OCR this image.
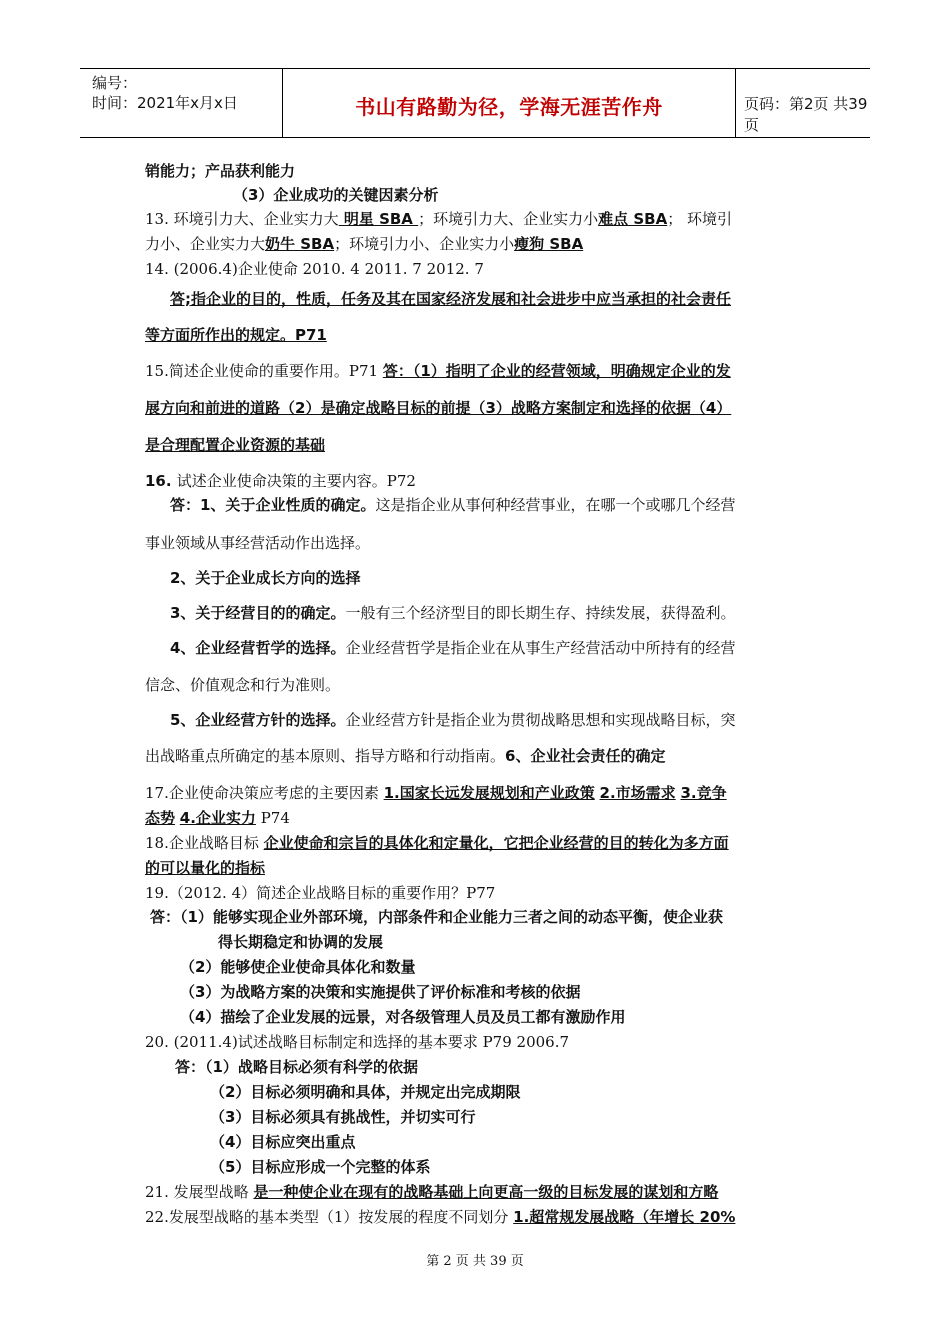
编号：
时间：2021年x月x日	书山有路勤为径，学海无涯苦作舟	页码：第2页 共39页
销能力；产品获利能力
（3）企业成功的关键因素分析
13. 环境引力大、企业实力大 明星 SBA ；环境引力大、企业实力小难点 SBA； 环境引
力小、企业实力大奶牛 SBA；环境引力小、企业实力小瘦狗 SBA
14. (2006.4)企业使命 2010. 4 2011. 7 2012. 7
答;指企业的目的，性质，任务及其在国家经济发展和社会进步中应当承担的社会责任
等方面所作出的规定。P71
15.简述企业使命的重要作用。P71 答：（1）指明了企业的经营领域，明确规定企业的发
展方向和前进的道路（2）是确定战略目标的前提（3）战略方案制定和选择的依据（4）
是合理配置企业资源的基础
16. 试述企业使命决策的主要内容。P72
答：1、关于企业性质的确定。这是指企业从事何种经营事业，在哪一个或哪几个经营
事业领域从事经营活动作出选择。
2、关于企业成长方向的选择
3、关于经营目的的确定。一般有三个经济型目的即长期生存、持续发展，获得盈利。
4、企业经营哲学的选择。企业经营哲学是指企业在从事生产经营活动中所持有的经营
信念、价值观念和行为准则。
5、企业经营方针的选择。企业经营方针是指企业为贯彻战略思想和实现战略目标，突
出战略重点所确定的基本原则、指导方略和行动指南。6、企业社会责任的确定
17.企业使命决策应考虑的主要因素 1.国家长远发展规划和产业政策 2.市场需求 3.竞争
态势 4.企业实力 P74
18.企业战略目标 企业使命和宗旨的具体化和定量化，它把企业经营的目的转化为多方面
的可以量化的指标
19.（2012. 4）简述企业战略目标的重要作用？P77
答：（1）能够实现企业外部环境，内部条件和企业能力三者之间的动态平衡，使企业获
得长期稳定和协调的发展
（2）能够使企业使命具体化和数量
（3）为战略方案的决策和实施提供了评价标准和考核的依据
（4）描绘了企业发展的远景，对各级管理人员及员工都有激励作用
20. (2011.4)试述战略目标制定和选择的基本要求 P79 2006.7
答：（1）战略目标必须有科学的依据
（2）目标必须明确和具体，并规定出完成期限
（3）目标必须具有挑战性，并切实可行
（4）目标应突出重点
（5）目标应形成一个完整的体系
21. 发展型战略 是一种使企业在现有的战略基础上向更高一级的目标发展的谋划和方略
22.发展型战略的基本类型（1）按发展的程度不同划分 1.超常规发展战略（年增长 20%
第 2 页 共 39 页
